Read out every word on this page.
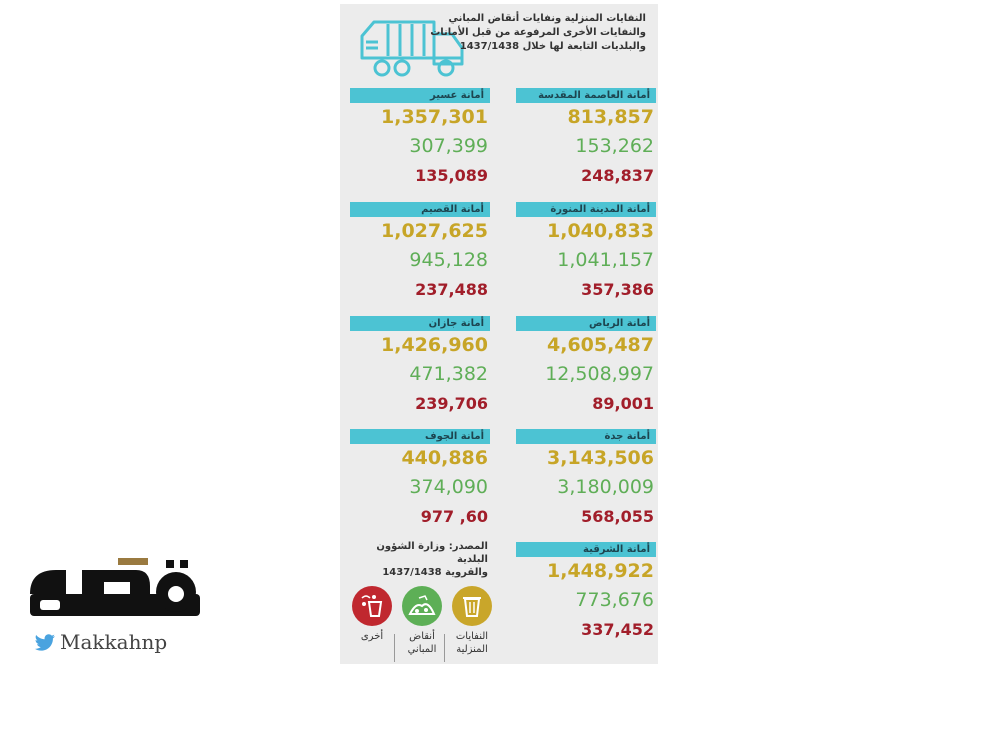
النفايات المنزلية ونفايات أنقاض المباني
والنفايات الأخرى المرفوعة من قبل الأمانات
والبلديات التابعة لها خلال 1437/1438
أمانة العاصمة المقدسة
813,857
153,262
248,837
أمانة المدينة المنورة
1,040,833
1,041,157
357,386
أمانة الرياض
4,605,487
12,508,997
89,001
أمانة جدة
3,143,506
3,180,009
568,055
أمانة الشرقية
1,448,922
773,676
337,452
أمانة عسير
1,357,301
307,399
135,089
أمانة القصيم
1,027,625
945,128
237,488
أمانة جازان
1,426,960
471,382
239,706
أمانة الجوف
440,886
374,090
977 ,60
المصدر: وزارة الشؤون البلدية
والقروية 1437/1438
النفايات
المنزلية
أنقاض
المباني
أخرى
Makkahnp
